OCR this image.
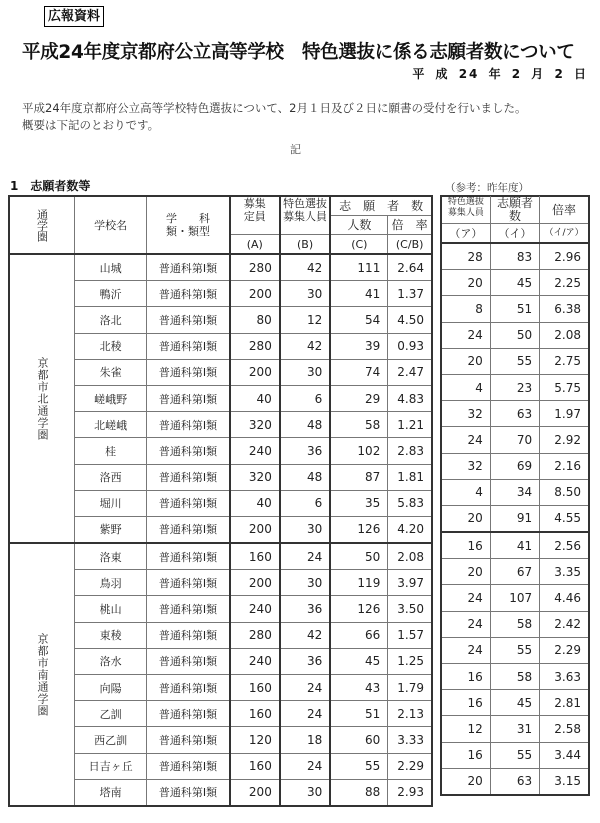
広報資料
平成24年度京都府公立高等学校　特色選抜に係る志願者数について
平 成 24 年 2 月 2 日
平成24年度京都府公立高等学校特色選抜について、2月１日及び２日に願書の受付を行いました。
概要は下記のとおりです。
記
1　志願者数等	（参考：昨年度）
通学圏	学校名	学　　科
類・類型	募集
定員	特色選抜
募集人員	志　願　者　数	
					人数	倍　率
			(A)	(B)	(C)	(C/B)
京都市北通学圏	山城	普通科第Ⅰ類	280	42	111	2.64
	鴨沂	普通科第Ⅰ類	200	30	41	1.37
	洛北	普通科第Ⅰ類	80	12	54	4.50
	北稜	普通科第Ⅰ類	280	42	39	0.93
	朱雀	普通科第Ⅰ類	200	30	74	2.47
	嵯峨野	普通科第Ⅰ類	40	6	29	4.83
	北嵯峨	普通科第Ⅰ類	320	48	58	1.21
	桂	普通科第Ⅰ類	240	36	102	2.83
	洛西	普通科第Ⅰ類	320	48	87	1.81
	堀川	普通科第Ⅰ類	40	6	35	5.83
	紫野	普通科第Ⅰ類	200	30	126	4.20
京都市南通学圏	洛東	普通科第Ⅰ類	160	24	50	2.08
	鳥羽	普通科第Ⅰ類	200	30	119	3.97
	桃山	普通科第Ⅰ類	240	36	126	3.50
	東稜	普通科第Ⅰ類	280	42	66	1.57
	洛水	普通科第Ⅰ類	240	36	45	1.25
	向陽	普通科第Ⅰ類	160	24	43	1.79
	乙訓	普通科第Ⅰ類	160	24	51	2.13
	西乙訓	普通科第Ⅰ類	120	18	60	3.33
	日吉ヶ丘	普通科第Ⅰ類	160	24	55	2.29
	塔南	普通科第Ⅰ類	200	30	88	2.93
特色選抜
募集人員	志願者
数	倍率

（ア）	（イ）	（イ/ア）
28	83	2.96
20	45	2.25
8	51	6.38
24	50	2.08
20	55	2.75
4	23	5.75
32	63	1.97
24	70	2.92
32	69	2.16
4	34	8.50
20	91	4.55
16	41	2.56
20	67	3.35
24	107	4.46
24	58	2.42
24	55	2.29
16	58	3.63
16	45	2.81
12	31	2.58
16	55	3.44
20	63	3.15
